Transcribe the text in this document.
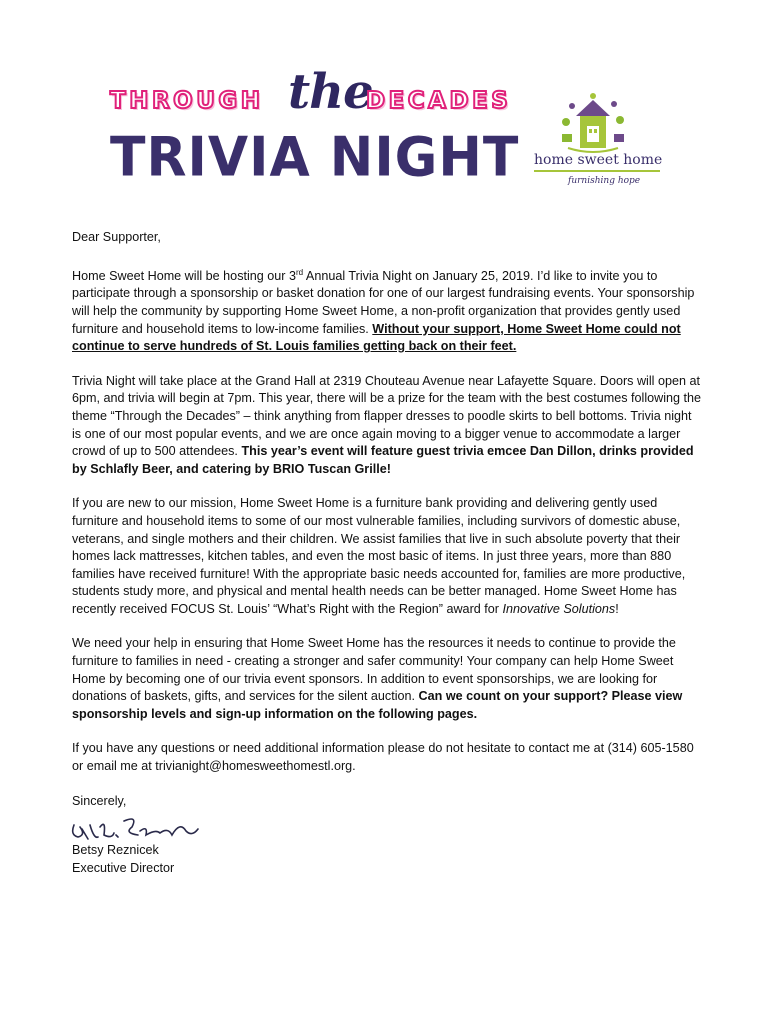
THROUGH the
DECADES
TRIVIA NIGHT home sweet home
furnishing hope

Dear Supporter,

Home Sweet Home will be hosting our 3rd Annual Trivia Night on January 25, 2019. I’d like to invite you to participate through a sponsorship or basket donation for one of our largest fundraising events. Your sponsorship will help the community by supporting Home Sweet Home, a non-profit organization that provides gently used furniture and household items to low-income families. Without your support, Home Sweet Home could not continue to serve hundreds of St. Louis families getting back on their feet.

Trivia Night will take place at the Grand Hall at 2319 Chouteau Avenue near Lafayette Square. Doors will open at 6pm, and trivia will begin at 7pm. This year, there will be a prize for the team with the best costumes following the theme “Through the Decades” – think anything from flapper dresses to poodle skirts to bell bottoms. Trivia night is one of our most popular events, and we are once again moving to a bigger venue to accommodate a larger crowd of up to 500 attendees. This year’s event will feature guest trivia emcee Dan Dillon, drinks provided by Schlafly Beer, and catering by BRIO Tuscan Grille!

If you are new to our mission, Home Sweet Home is a furniture bank providing and delivering gently used furniture and household items to some of our most vulnerable families, including survivors of domestic abuse, veterans, and single mothers and their children. We assist families that live in such absolute poverty that their homes lack mattresses, kitchen tables, and even the most basic of items. In just three years, more than 880 families have received furniture! With the appropriate basic needs accounted for, families are more productive, students study more, and physical and mental health needs can be better managed. Home Sweet Home has recently received FOCUS St. Louis’ “What’s Right with the Region” award for Innovative Solutions!

We need your help in ensuring that Home Sweet Home has the resources it needs to continue to provide the furniture to families in need - creating a stronger and safer community! Your company can help Home Sweet Home by becoming one of our trivia event sponsors. In addition to event sponsorships, we are looking for donations of baskets, gifts, and services for the silent auction. Can we count on your support? Please view sponsorship levels and sign-up information on the following pages.

If you have any questions or need additional information please do not hesitate to contact me at (314) 605-1580 or email me at trivianight@homesweethomestl.org.

Sincerely,

Betsy Reznicek
Executive Director
